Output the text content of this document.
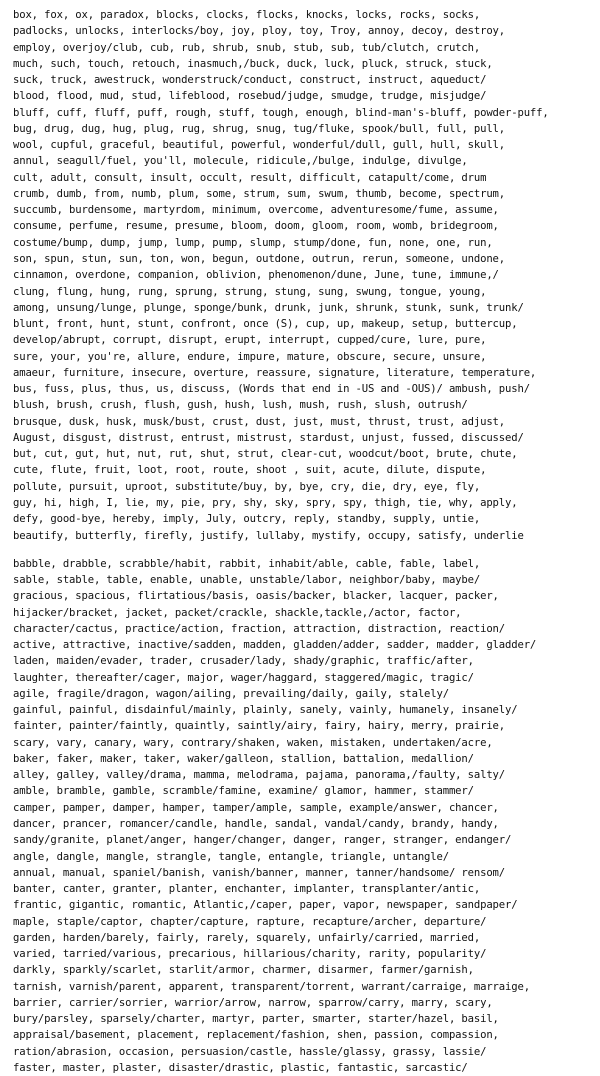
box, fox, ox, paradox, blocks, clocks, flocks, knocks, locks, rocks, socks,
padlocks, unlocks, interlocks/boy, joy, ploy, toy, Troy, annoy, decoy, destroy,
employ, overjoy/club, cub, rub, shrub, snub, stub, sub, tub/clutch, crutch,
much, such, touch, retouch, inasmuch,/buck, duck, luck, pluck, struck, stuck,
suck, truck, awestruck, wonderstruck/conduct, construct, instruct, aqueduct/
blood, flood, mud, stud, lifeblood, rosebud/judge, smudge, trudge, misjudge/
bluff, cuff, fluff, puff, rough, stuff, tough, enough, blind-man's-bluff, powder-puff,
bug, drug, dug, hug, plug, rug, shrug, snug, tug/fluke, spook/bull, full, pull,
wool, cupful, graceful, beautiful, powerful, wonderful/dull, gull, hull, skull,
annul, seagull/fuel, you'll, molecule, ridicule,/bulge, indulge, divulge,
cult, adult, consult, insult, occult, result, difficult, catapult/come, drum
crumb, dumb, from, numb, plum, some, strum, sum, swum, thumb, become, spectrum,
succumb, burdensome, martyrdom, minimum, overcome, adventuresome/fume, assume,
consume, perfume, resume, presume, bloom, doom, gloom, room, womb, bridegroom,
costume/bump, dump, jump, lump, pump, slump, stump/done, fun, none, one, run,
son, spun, stun, sun, ton, won, begun, outdone, outrun, rerun, someone, undone,
cinnamon, overdone, companion, oblivion, phenomenon/dune, June, tune, immune,/
clung, flung, hung, rung, sprung, strung, stung, sung, swung, tongue, young,
among, unsung/lunge, plunge, sponge/bunk, drunk, junk, shrunk, stunk, sunk, trunk/
blunt, front, hunt, stunt, confront, once (S), cup, up, makeup, setup, buttercup,
develop/abrupt, corrupt, disrupt, erupt, interrupt, cupped/cure, lure, pure,
sure, your, you're, allure, endure, impure, mature, obscure, secure, unsure,
amaeur, furniture, insecure, overture, reassure, signature, literature, temperature,
bus, fuss, plus, thus, us, discuss, (Words that end in -US and -OUS)/ ambush, push/
blush, brush, crush, flush, gush, hush, lush, mush, rush, slush, outrush/
brusque, dusk, husk, musk/bust, crust, dust, just, must, thrust, trust, adjust,
August, disgust, distrust, entrust, mistrust, stardust, unjust, fussed, discussed/
but, cut, gut, hut, nut, rut, shut, strut, clear-cut, woodcut/boot, brute, chute,
cute, flute, fruit, loot, root, route, shoot , suit, acute, dilute, dispute,
pollute, pursuit, uproot, substitute/buy, by, bye, cry, die, dry, eye, fly,
guy, hi, high, I, lie, my, pie, pry, shy, sky, spry, spy, thigh, tie, why, apply,
defy, good-bye, hereby, imply, July, outcry, reply, standby, supply, untie,
beautify, butterfly, firefly, justify, lullaby, mystify, occupy, satisfy, underlie
babble, drabble, scrabble/habit, rabbit, inhabit/able, cable, fable, label,
sable, stable, table, enable, unable, unstable/labor, neighbor/baby, maybe/
gracious, spacious, flirtatious/basis, oasis/backer, blacker, lacquer, packer,
hijacker/bracket, jacket, packet/crackle, shackle,tackle,/actor, factor,
character/cactus, practice/action, fraction, attraction, distraction, reaction/
active, attractive, inactive/sadden, madden, gladden/adder, sadder, madder, gladder/
laden, maiden/evader, trader, crusader/lady, shady/graphic, traffic/after,
laughter, thereafter/cager, major, wager/haggard, staggered/magic, tragic/
agile, fragile/dragon, wagon/ailing, prevailing/daily, gaily, stalely/
gainful, painful, disdainful/mainly, plainly, sanely, vainly, humanely, insanely/
fainter, painter/faintly, quaintly, saintly/airy, fairy, hairy, merry, prairie,
scary, vary, canary, wary, contrary/shaken, waken, mistaken, undertaken/acre,
baker, faker, maker, taker, waker/galleon, stallion, battalion, medallion/
alley, galley, valley/drama, mamma, melodrama, pajama, panorama,/faulty, salty/
amble, bramble, gamble, scramble/famine, examine/ glamor, hammer, stammer/
camper, pamper, damper, hamper, tamper/ample, sample, example/answer, chancer,
dancer, prancer, romancer/candle, handle, sandal, vandal/candy, brandy, handy,
sandy/granite, planet/anger, hanger/changer, danger, ranger, stranger, endanger/
angle, dangle, mangle, strangle, tangle, entangle, triangle, untangle/
annual, manual, spaniel/banish, vanish/banner, manner, tanner/handsome/ rensom/
banter, canter, granter, planter, enchanter, implanter, transplanter/antic,
frantic, gigantic, romantic, Atlantic,/caper, paper, vapor, newspaper, sandpaper/
maple, staple/captor, chapter/capture, rapture, recapture/archer, departure/
garden, harden/barely, fairly, rarely, squarely, unfairly/carried, married,
varied, tarried/various, precarious, hillarious/charity, rarity, popularity/
darkly, sparkly/scarlet, starlit/armor, charmer, disarmer, farmer/garnish,
tarnish, varnish/parent, apparent, transparent/torrent, warrant/carraige, marraige,
barrier, carrier/sorrier, warrior/arrow, narrow, sparrow/carry, marry, scary,
bury/parsley, sparsely/charter, martyr, parter, smarter, starter/hazel, basil,
appraisal/basement, placement, replacement/fashion, shen, passion, compassion,
ration/abrasion, occasion, persuasion/castle, hassle/glassy, grassy, lassie/
faster, master, plaster, disaster/drastic, plastic, fantastic, sarcastic/
